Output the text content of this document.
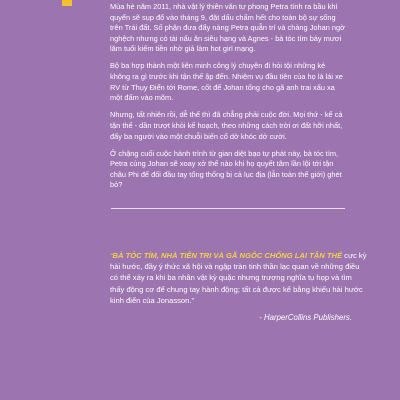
Mùa hè năm 2011, nhà vật lý thiên văn tự phong Petra tính ra bầu khí quyển sẽ sụp đổ vào tháng 9, đặt dấu chấm hết cho toàn bộ sự sống trên Trái đất. Số phận đưa đẩy nàng Petra quẫn trí và chàng Johan ngờ nghệch nhưng có tài nấu ăn siêu hạng và Agnes - bà tóc tím bảy mươi lăm tuổi kiếm tiền nhờ giả làm hot girl mạng.

Bộ ba hợp thành một liên minh công lý chuyên đi hỏi tội những kẻ không ra gì trước khi tận thế ập đến. Nhiệm vụ đầu tiên của họ là lái xe RV từ Thụy Điển tới Rome, cốt để Johan tống cho gã anh trai xấu xa một đấm vào mõm.

Nhưng, tất nhiên rồi, dễ thế thì đã chẳng phải cuộc đời. Mọi thứ - kể cả tận thế - dần trượt khỏi kế hoạch, theo những cách trời ơi đất hỡi nhất, đẩy ba người vào một chuỗi biến cố dở khóc dở cười.

Ở chặng cuối cuộc hành trình từ gian diệt bạo tự phát này, bà tóc tím, Petra cùng Johan sẽ xoay xở thế nào khi họ quyết tâm lần lội tới tận châu Phi để đối đầu tay tổng thống bị cả lục địa (lẫn toàn thế giới) ghét bỏ?

“BÀ TÓC TÍM, NHÀ TIÊN TRI VÀ GÃ NGỐC CHỐNG LẠI TẬN THẾ cực kỳ hài hước, đầy ý thức xã hội và ngập tràn tinh thần lạc quan về những điều có thể xảy ra khi ba nhân vật kỳ quặc nhưng trượng nghĩa tụ họp và tìm thấy động cơ để chung tay hành động; tất cả được kể bằng khiếu hài hước kinh điển của Jonasson.”
- HarperCollins Publishers.
